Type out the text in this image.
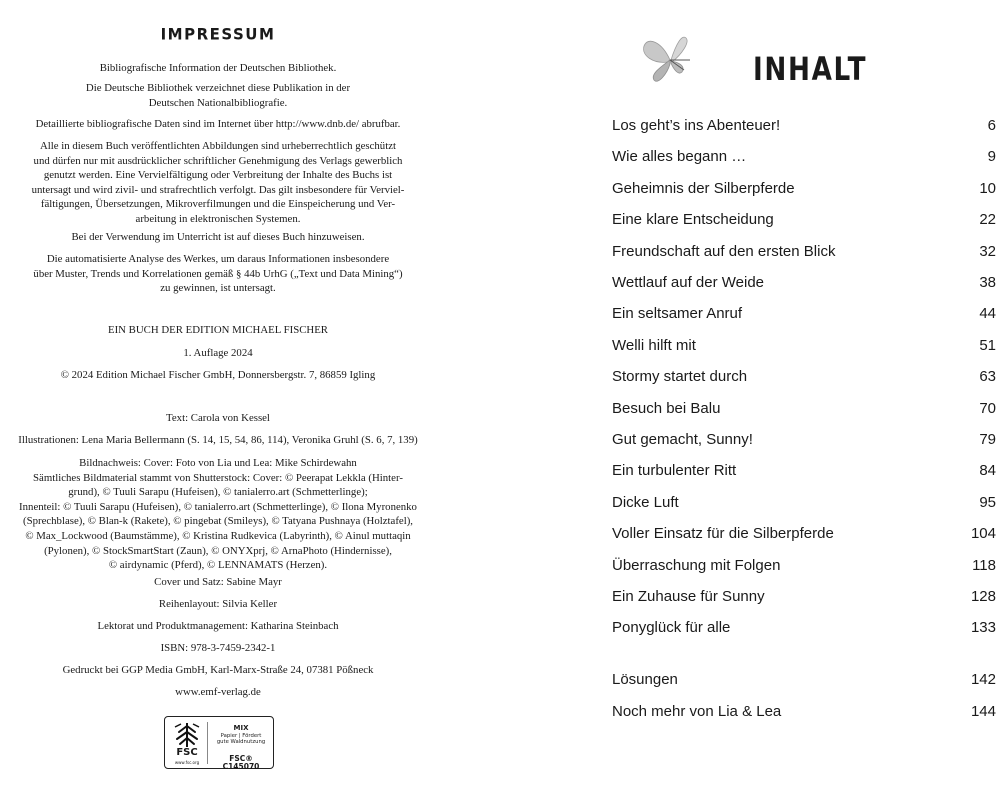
IMPRESSUM
Bibliografische Information der Deutschen Bibliothek.
Die Deutsche Bibliothek verzeichnet diese Publikation in der
Deutschen Nationalbibliografie.
Detaillierte bibliografische Daten sind im Internet über http://www.dnb.de/ abrufbar.
Alle in diesem Buch veröffentlichten Abbildungen sind urheberrechtlich geschützt
und dürfen nur mit ausdrücklicher schriftlicher Genehmigung des Verlags gewerblich
genutzt werden. Eine Vervielfältigung oder Verbreitung der Inhalte des Buchs ist
untersagt und wird zivil- und strafrechtlich verfolgt. Das gilt insbesondere für Verviel-
fältigungen, Übersetzungen, Mikroverfilmungen und die Einspeicherung und Ver-
arbeitung in elektronischen Systemen.
Bei der Verwendung im Unterricht ist auf dieses Buch hinzuweisen.
Die automatisierte Analyse des Werkes, um daraus Informationen insbesondere
über Muster, Trends und Korrelationen gemäß § 44b UrhG („Text und Data Mining“)
zu gewinnen, ist untersagt.
EIN BUCH DER EDITION MICHAEL FISCHER
1. Auflage 2024
© 2024 Edition Michael Fischer GmbH, Donnersbergstr. 7, 86859 Igling
Text: Carola von Kessel
Illustrationen: Lena Maria Bellermann (S. 14, 15, 54, 86, 114), Veronika Gruhl (S. 6, 7, 139)
Bildnachweis: Cover: Foto von Lia und Lea: Mike Schirdewahn
Sämtliches Bildmaterial stammt von Shutterstock: Cover: © Peerapat Lekkla (Hinter-
grund), © Tuuli Sarapu (Hufeisen), © tanialerro.art (Schmetterlinge);
Innenteil: © Tuuli Sarapu (Hufeisen), © tanialerro.art (Schmetterlinge), © Ilona Myronenko
(Sprechblase), © Blan-k (Rakete), © pingebat (Smileys), © Tatyana Pushnaya (Holztafel),
© Max_Lockwood (Baumstämme), © Kristina Rudkevica (Labyrinth), © Ainul muttaqin
(Pylonen), © StockSmartStart (Zaun), © ONYXprj, © ArnaPhoto (Hindernisse),
© airdynamic (Pferd), © LENNAMATS (Herzen).
Cover und Satz: Sabine Mayr
Reihenlayout: Silvia Keller
Lektorat und Produktmanagement: Katharina Steinbach
ISBN: 978-3-7459-2342-1
Gedruckt bei GGP Media GmbH, Karl-Marx-Straße 24, 07381 Pößneck
www.emf-verlag.de
FSC
www.fsc.org
MIX
Papier | Fördert
gute Waldnutzung
FSC® C145070
INHALT
Los geht’s ins Abenteuer!	6
Wie alles begann …	9
Geheimnis der Silberpferde	10
Eine klare Entscheidung	22
Freundschaft auf den ersten Blick	32
Wettlauf auf der Weide	38
Ein seltsamer Anruf	44
Welli hilft mit	51
Stormy startet durch	63
Besuch bei Balu	70
Gut gemacht, Sunny!	79
Ein turbulenter Ritt	84
Dicke Luft	95
Voller Einsatz für die Silberpferde	104
Überraschung mit Folgen	118
Ein Zuhause für Sunny	128
Ponyglück für alle	133
Lösungen	142
Noch mehr von Lia & Lea	144
